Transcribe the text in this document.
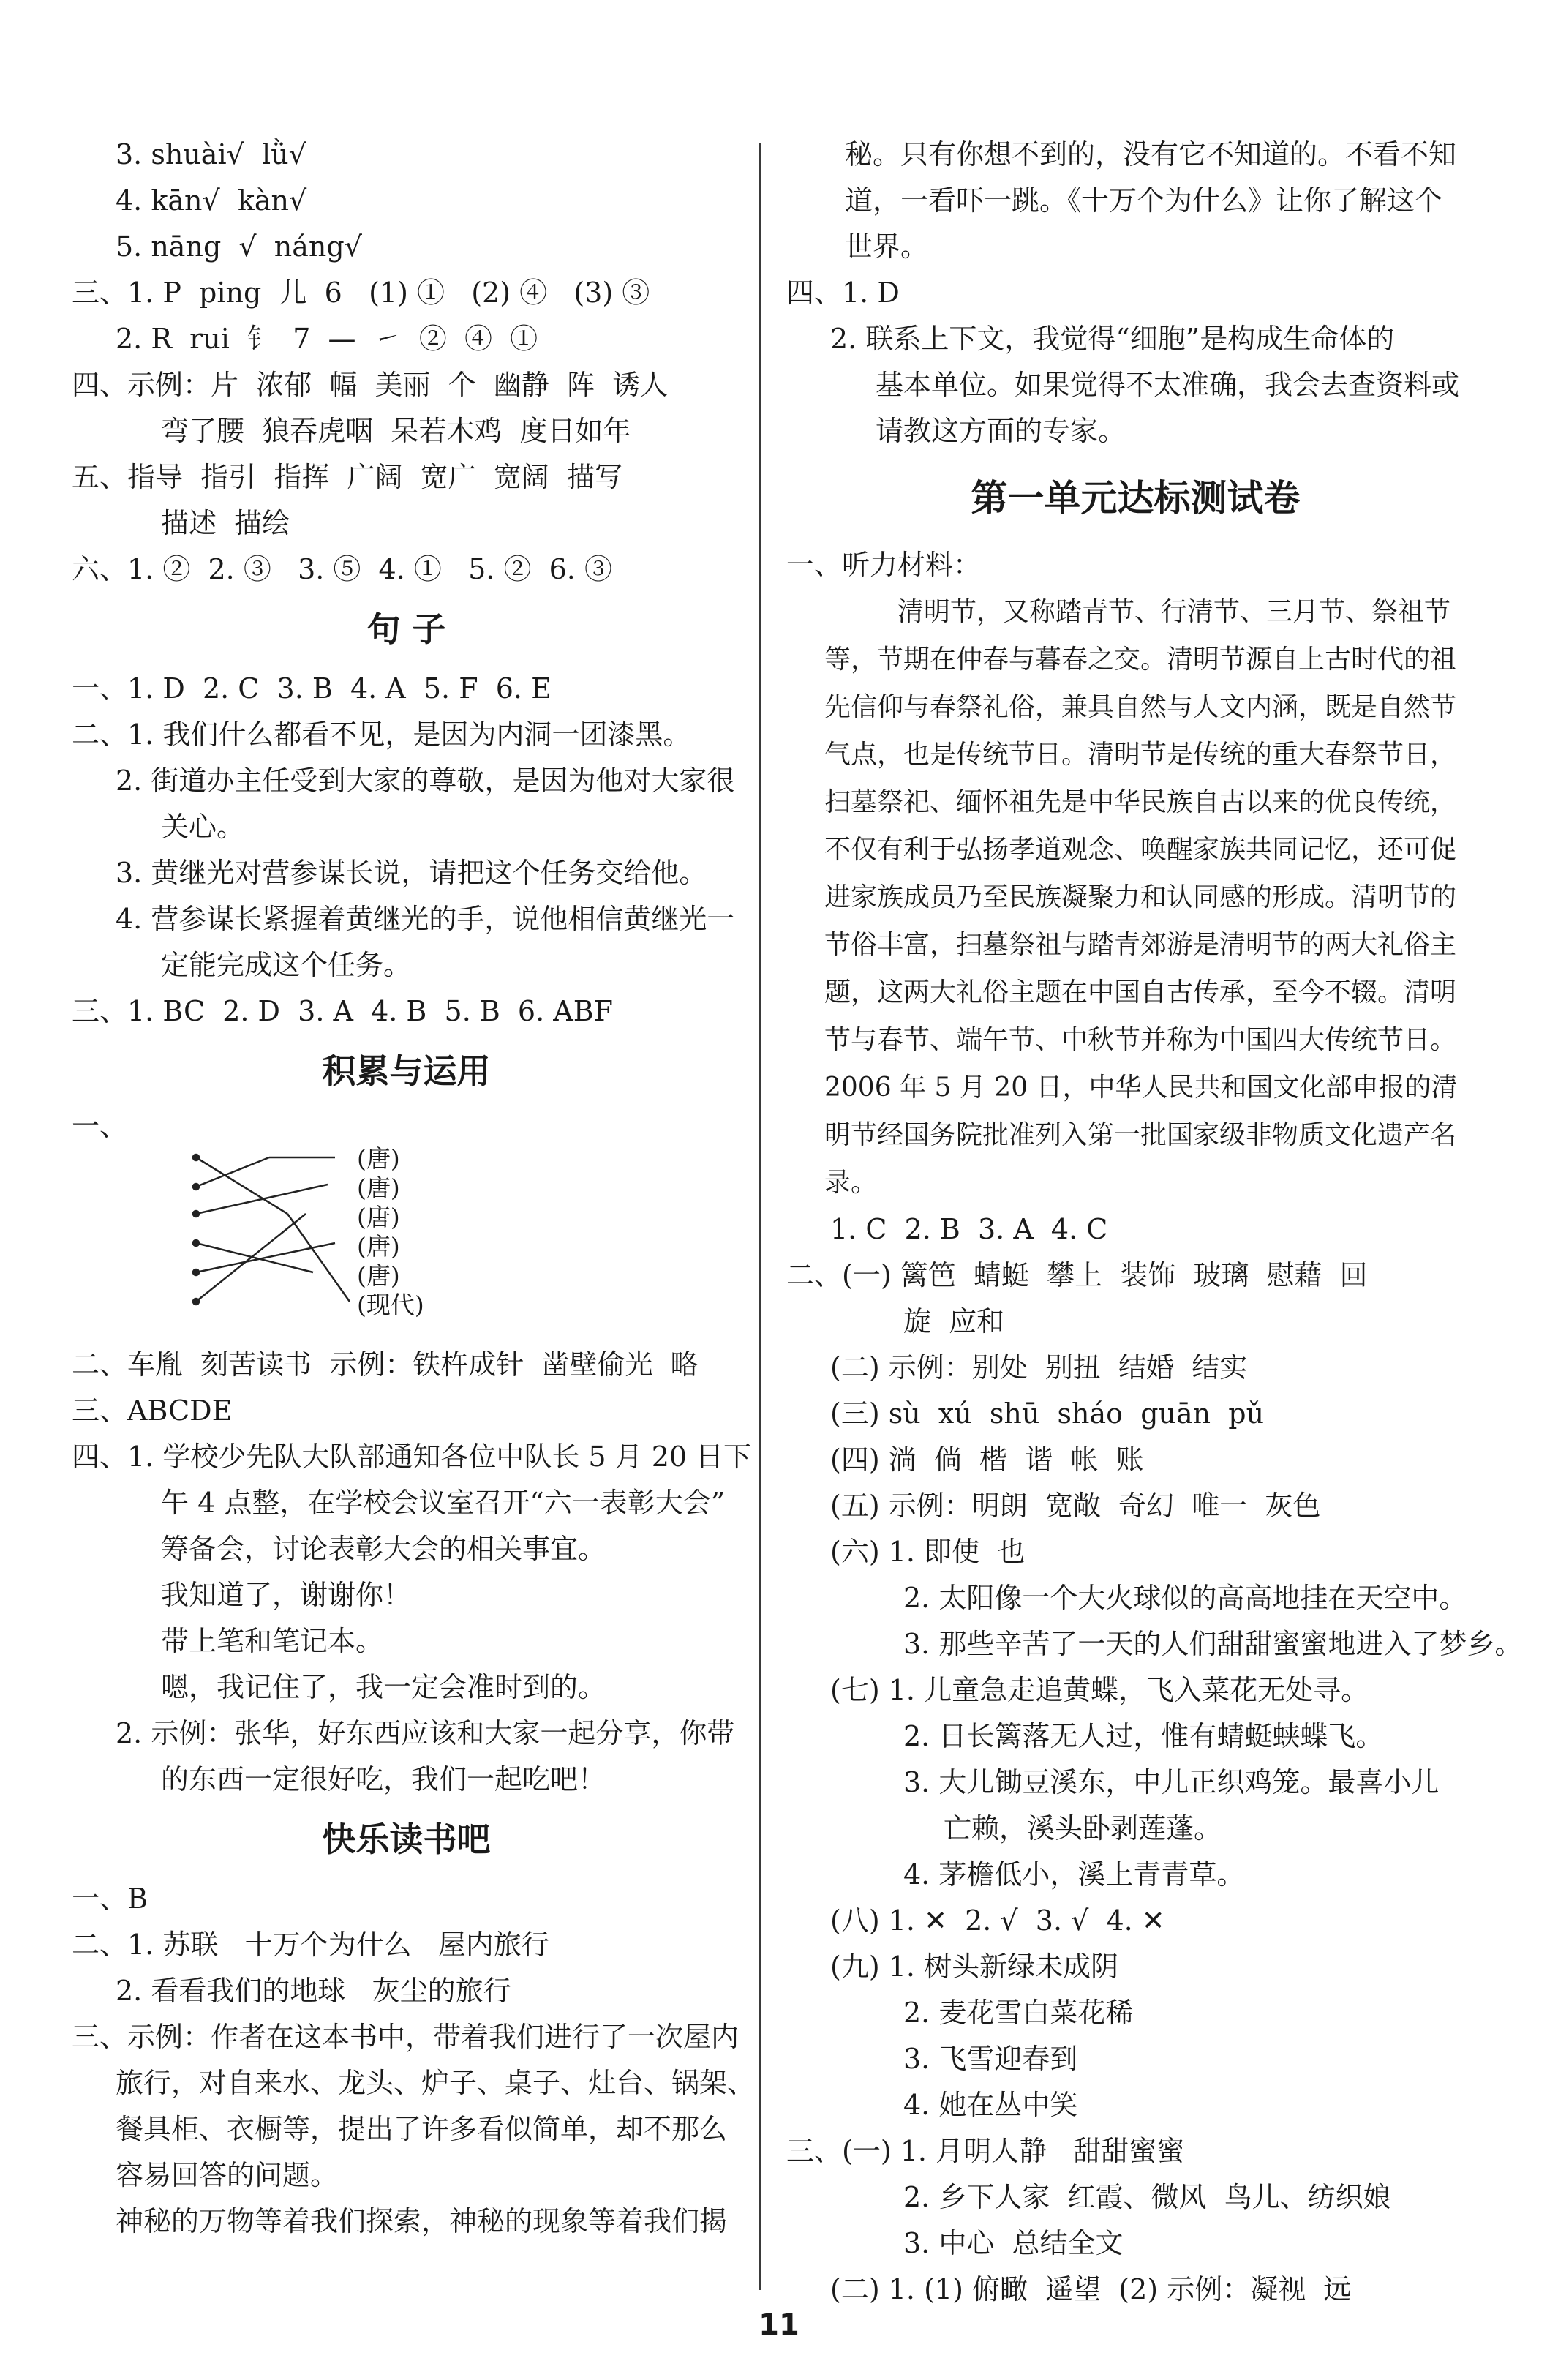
3. shuài√  lǜ√
4. kān√  kàn√
5. nāng  √  náng√
三、1. P  ping  儿  6   (1) ①   (2) ④   (3) ③
2. R  rui  钅  7  —  ㇀  ②  ④  ①
四、示例：片  浓郁  幅  美丽  个  幽静  阵  诱人
弯了腰  狼吞虎咽  呆若木鸡  度日如年
五、指导  指引  指挥  广阔  宽广  宽阔  描写
描述  描绘
六、1. ②  2. ③   3. ⑤  4. ①   5. ②  6. ③
句 子
一、1. D  2. C  3. B  4. A  5. F  6. E
二、1. 我们什么都看不见，是因为内洞一团漆黑。
2. 街道办主任受到大家的尊敬，是因为他对大家很
关心。
3. 黄继光对营参谋长说，请把这个任务交给他。
4. 营参谋长紧握着黄继光的手，说他相信黄继光一
定能完成这个任务。
三、1. BC  2. D  3. A  4. B  5. B  6. ABF
积累与运用
一、
(唐)
(唐)
(唐)
(唐)
(唐)
(现代)
二、车胤  刻苦读书  示例：铁杵成针  凿壁偷光  略
三、ABCDE
四、1. 学校少先队大队部通知各位中队长 5 月 20 日下
午 4 点整，在学校会议室召开“六一表彰大会”
筹备会，讨论表彰大会的相关事宜。
我知道了，谢谢你！
带上笔和笔记本。
嗯，我记住了，我一定会准时到的。
2. 示例：张华，好东西应该和大家一起分享，你带
的东西一定很好吃，我们一起吃吧！
快乐读书吧
一、B
二、1. 苏联   十万个为什么   屋内旅行
2. 看看我们的地球   灰尘的旅行
三、示例：作者在这本书中，带着我们进行了一次屋内
旅行，对自来水、龙头、炉子、桌子、灶台、锅架、
餐具柜、衣橱等，提出了许多看似简单，却不那么
容易回答的问题。
神秘的万物等着我们探索，神秘的现象等着我们揭
秘。只有你想不到的，没有它不知道的。不看不知
道，一看吓一跳。《十万个为什么》让你了解这个
世界。
四、1. D
2. 联系上下文，我觉得“细胞”是构成生命体的
基本单位。如果觉得不太准确，我会去查资料或
请教这方面的专家。
第一单元达标测试卷
一、听力材料：
清明节，又称踏青节、行清节、三月节、祭祖节等，节期在仲春与暮春之交。清明节源自上古时代的祖先信仰与春祭礼俗，兼具自然与人文内涵，既是自然节气点，也是传统节日。清明节是传统的重大春祭节日，扫墓祭祀、缅怀祖先是中华民族自古以来的优良传统，不仅有利于弘扬孝道观念、唤醒家族共同记忆，还可促进家族成员乃至民族凝聚力和认同感的形成。清明节的节俗丰富，扫墓祭祖与踏青郊游是清明节的两大礼俗主题，这两大礼俗主题在中国自古传承，至今不辍。清明节与春节、端午节、中秋节并称为中国四大传统节日。2006 年 5 月 20 日，中华人民共和国文化部申报的清明节经国务院批准列入第一批国家级非物质文化遗产名录。
1. C  2. B  3. A  4. C
二、(一) 篱笆  蜻蜓  攀上  装饰  玻璃  慰藉  回
旋  应和
(二) 示例：别处  别扭  结婚  结实
(三) sù  xú  shū  sháo  guān  pǔ
(四) 淌  倘  楷  谐  帐  账
(五) 示例：明朗  宽敞  奇幻  唯一  灰色
(六) 1. 即使  也
2. 太阳像一个大火球似的高高地挂在天空中。
3. 那些辛苦了一天的人们甜甜蜜蜜地进入了梦乡。
(七) 1. 儿童急走追黄蝶，飞入菜花无处寻。
2. 日长篱落无人过，惟有蜻蜓蛱蝶飞。
3. 大儿锄豆溪东，中儿正织鸡笼。最喜小儿
亡赖，溪头卧剥莲蓬。
4. 茅檐低小，溪上青青草。
(八) 1. ✕  2. √  3. √  4. ✕
(九) 1. 树头新绿未成阴
2. 麦花雪白菜花稀
3. 飞雪迎春到
4. 她在丛中笑
三、(一) 1. 月明人静   甜甜蜜蜜
2. 乡下人家  红霞、微风  鸟儿、纺织娘
3. 中心  总结全文
(二) 1. (1) 俯瞰  遥望  (2) 示例：凝视  远
11
